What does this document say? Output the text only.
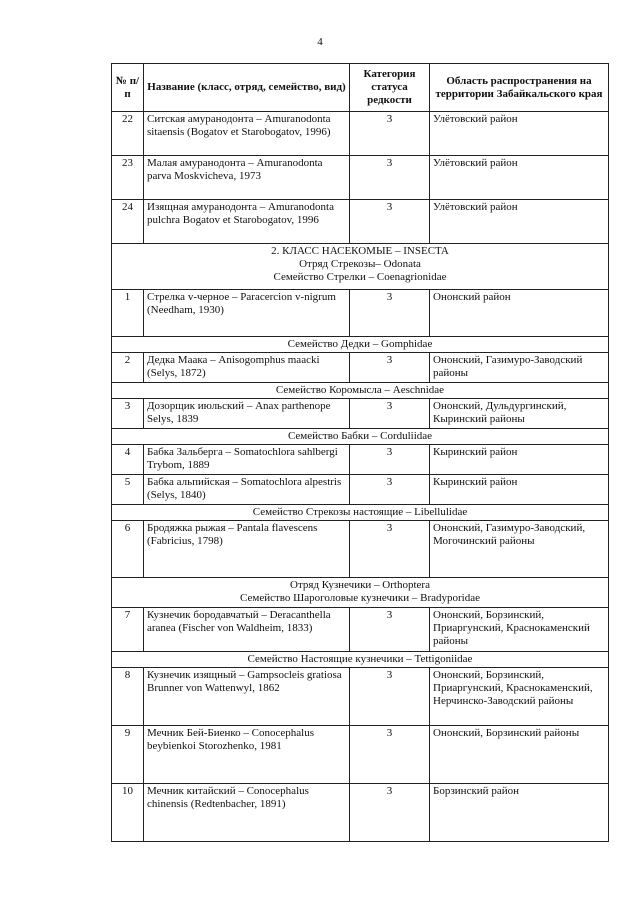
4
№ п/п	Название (класс, отряд, семейство, вид)	Категория статуса редкости	Область распространения на территории Забайкальского края
22	Ситская амуранодонта – Amuranodonta sitaensis (Bogatov et Starobogatov, 1996)	3	Улётовский район
23	Малая амуранодонта – Amuranodonta parva Moskvicheva, 1973	3	Улётовский район
24	Изящная амуранодонта – Amuranodonta pulchra Bogatov et Starobogatov, 1996	3	Улётовский район

2. КЛАСС НАСЕКОМЫЕ – INSECTA
Отряд Стрекозы– Odonata
Семейство Стрелки – Coenagrionidae			

1	Стрелка v-черное – Paracercion v-nigrum (Needham, 1930)	3	Ононский район

Семейство Дедки – Gomphidae			

2	Дедка Маака – Anisogomphus maacki (Selys, 1872)	3	Ононский, Газимуро-Заводский районы

Семейство Коромысла – Aeschnidae			

3	Дозорщик июльский – Anax parthenope Selys, 1839	3	Ононский, Дульдургинский, Кыринский районы

Семейство Бабки – Corduliidae			

4	Бабка Зальберга – Somatochlora sahlbergi Trybom, 1889	3	Кыринский район
5	Бабка альпийская – Somatochlora alpestris (Selys, 1840)	3	Кыринский район

Семейство Стрекозы настоящие – Libellulidae			

6	Бродяжка рыжая – Pantala flavescens (Fabricius, 1798)	3	Ононский, Газимуро-Заводский, Могочинский районы

Отряд Кузнечики – Orthoptera
Семейство Шароголовые кузнечики – Bradyporidae			

7	Кузнечик бородавчатый – Deracanthella aranea (Fischer von Waldheim, 1833)	3	Ононский, Борзинский, Приаргунский, Краснокаменский районы

Семейство Настоящие кузнечики – Tettigoniidae			

8	Кузнечик изящный – Gampsocleis gratiosa Brunner von Wattenwyl, 1862	3	Ононский, Борзинский, Приаргунский, Краснокаменский, Нерчинско-Заводский районы
9	Мечник Бей-Биенко – Conocephalus beybienkoi Storozhenko, 1981	3	Ононский, Борзинский районы
10	Мечник китайский – Conocephalus chinensis (Redtenbacher, 1891)	3	Борзинский район
